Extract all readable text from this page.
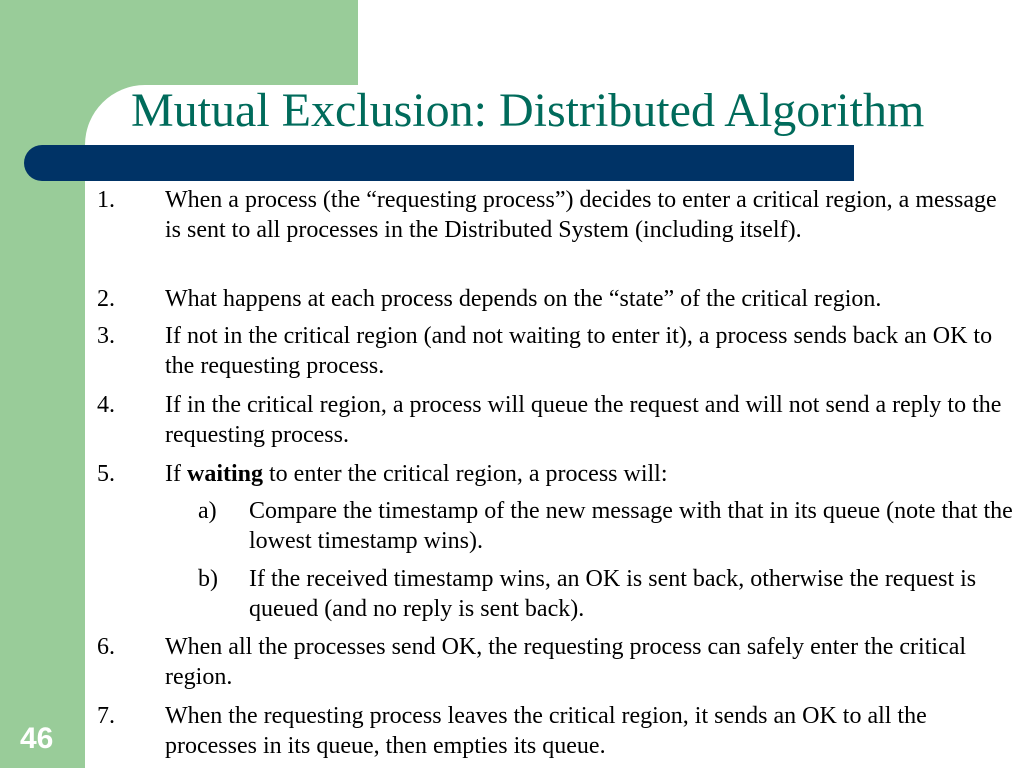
Mutual Exclusion: Distributed Algorithm
1. When a process (the “requesting process”) decides to enter a critical region, a message is sent to all processes in the Distributed System (including itself).
2. What happens at each process depends on the “state” of the critical region.
3. If not in the critical region (and not waiting to enter it), a process sends back an OK to the requesting process.
4. If in the critical region, a process will queue the request and will not send a reply to the requesting process.
5. If waiting to enter the critical region, a process will:
a) Compare the timestamp of the new message with that in its queue (note that the lowest timestamp wins).
b) If the received timestamp wins, an OK is sent back, otherwise the request is queued (and no reply is sent back).
6. When all the processes send OK, the requesting process can safely enter the critical region.
7. When the requesting process leaves the critical region, it sends an OK to all the processes in its queue, then empties its queue.
46
